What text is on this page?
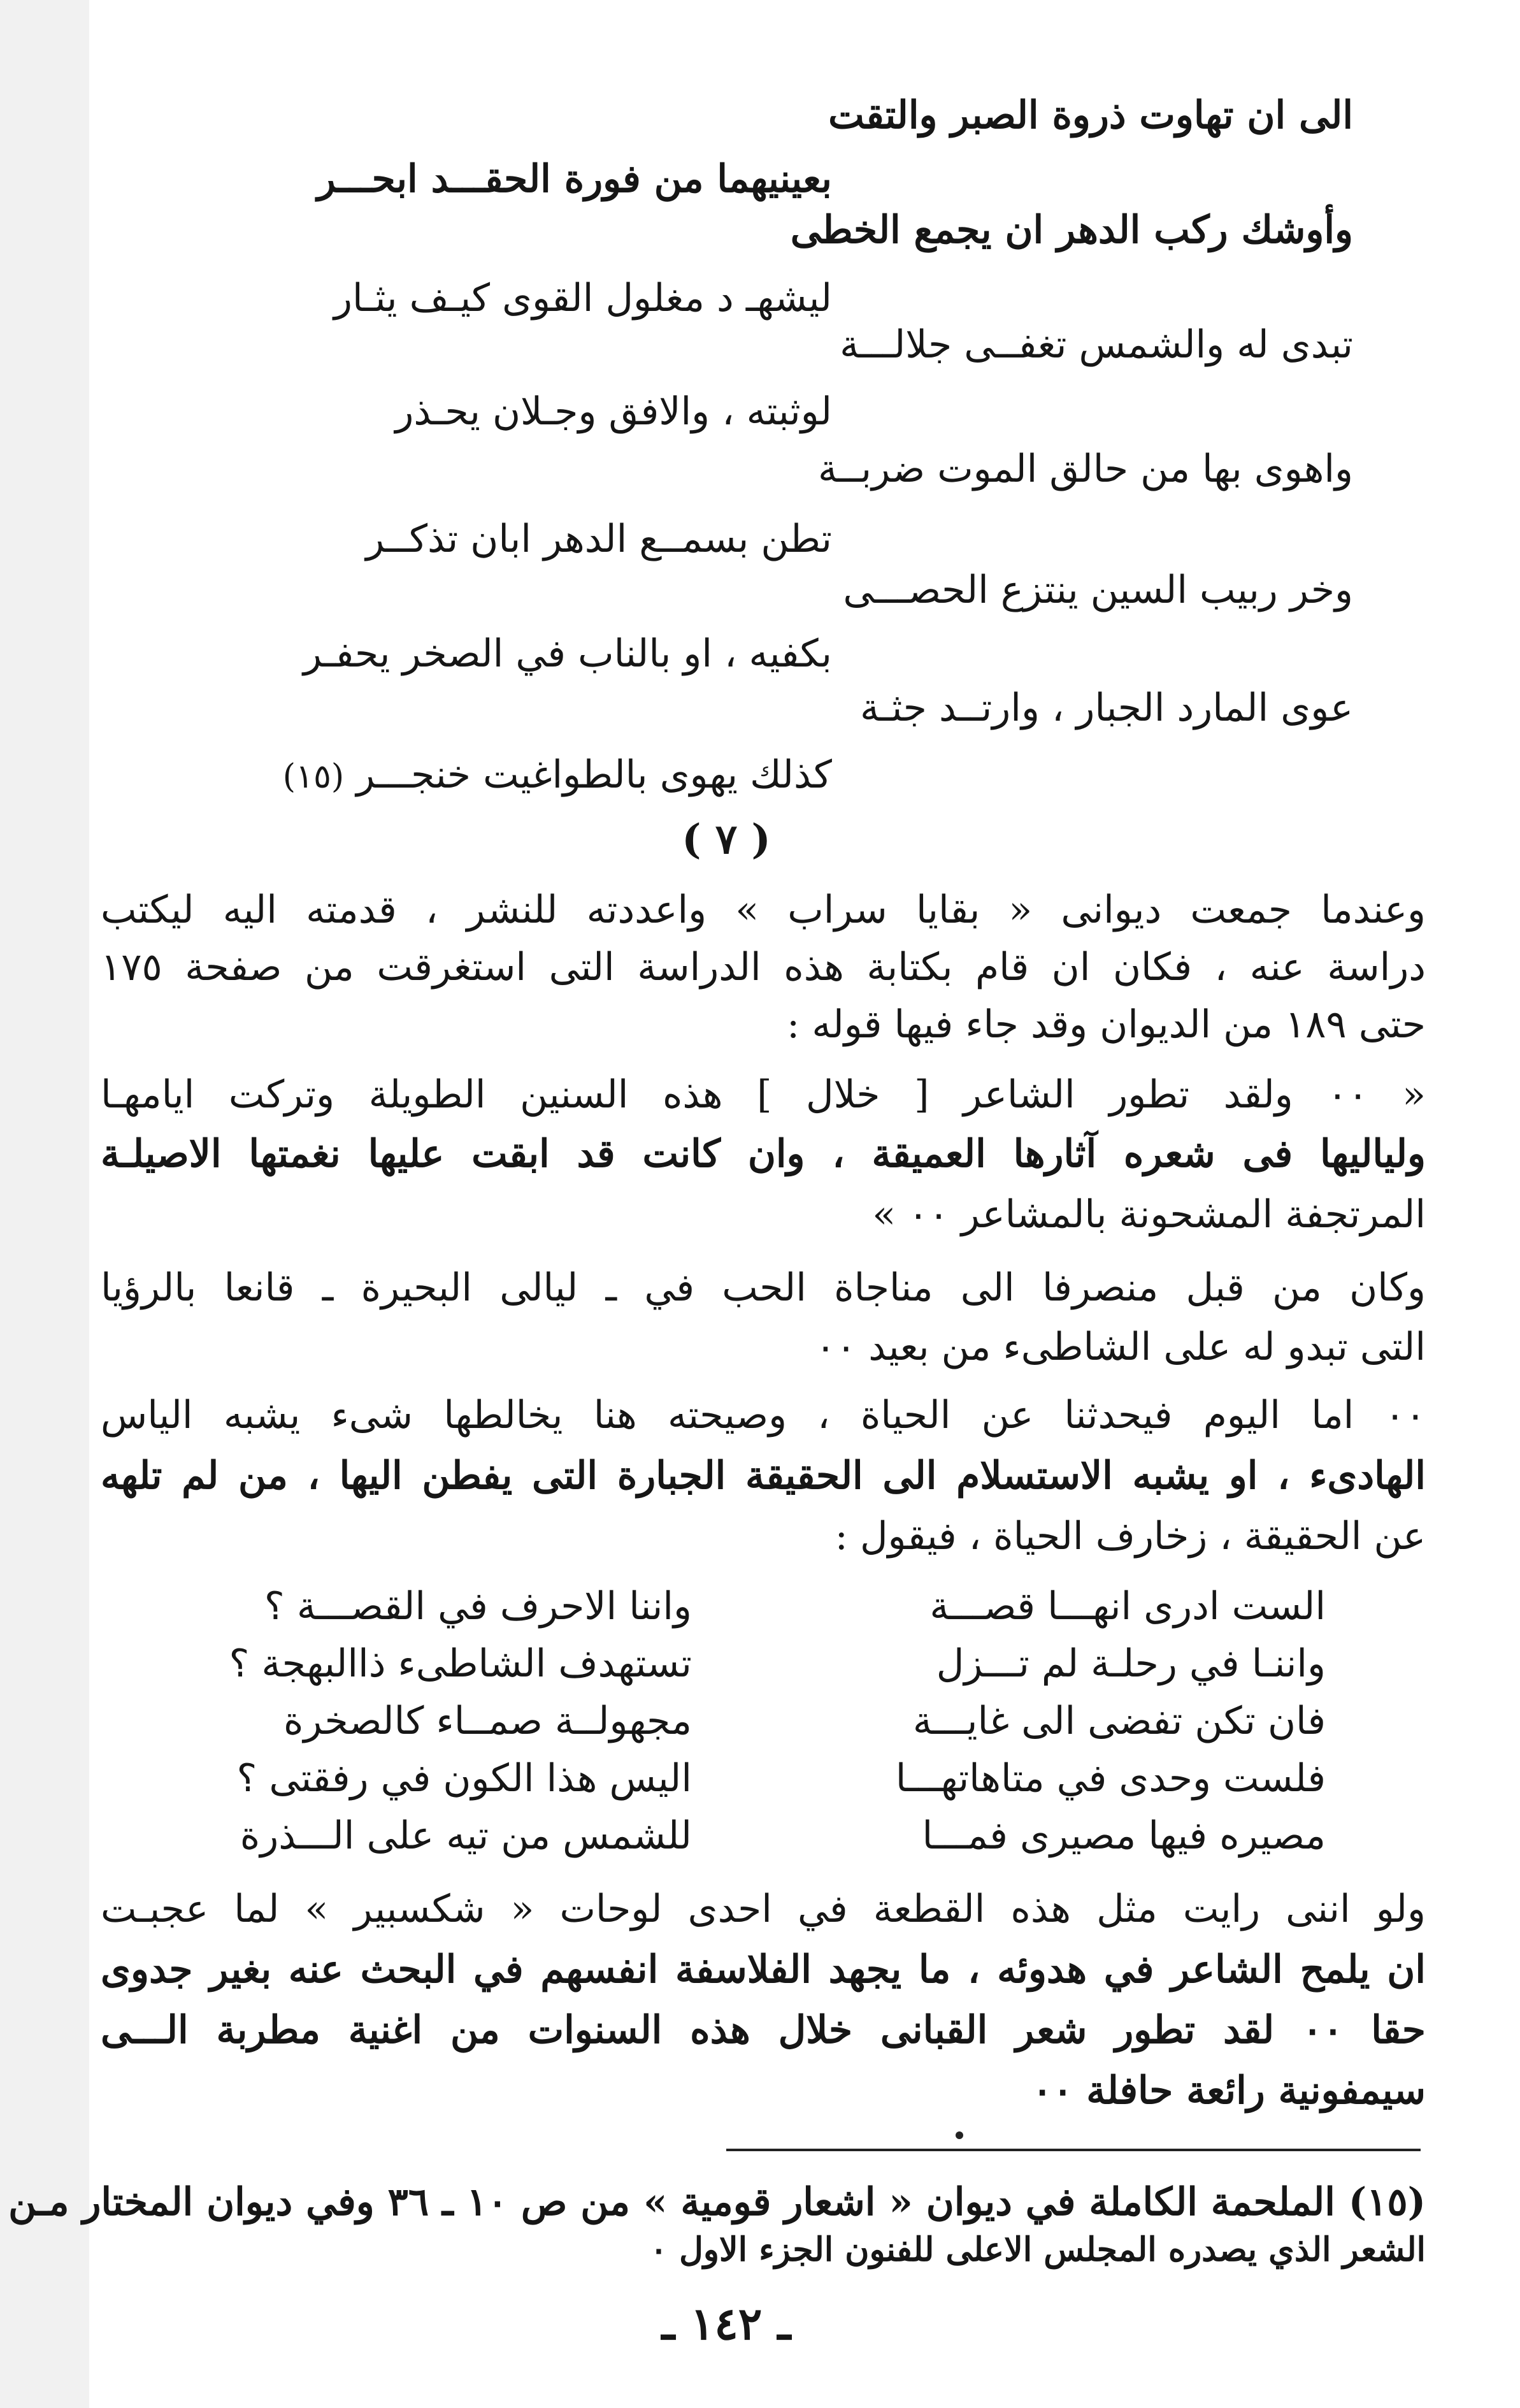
الى ان تهاوت ذروة الصبر والتقت
بعينيهما من فورة الحقـــد ابحـــر
وأوشك ركب الدهر ان يجمع الخطى
ليشهـ د مغلول القوى كيـف يثـار
تبدى له والشمس تغفــى جلالـــة
لوثبته ، والافق وجـلان يحـذر
واهوى بها من حالق الموت ضربــة
تطن بسمــع الدهر ابان تذكــر
وخر ربيب السين ينتزع الحصـــى
بكفيه ، او بالناب في الصخر يحفـر
عوى المارد الجبار ، وارتــد جثـة
كذلك يهوى بالطواغيت خنجـــر (١٥)
( ٧ )
وعندما جمعت ديوانى « بقايا سراب » واعددته للنشر ، قدمته اليه ليكتب
دراسة عنه ، فكان ان قام بكتابة هذه الدراسة التى استغرقت من صفحة ١٧٥
حتى ١٨٩ من الديوان وقد جاء فيها قوله :
« ٠٠ ولقد تطور الشاعر [ خلال ] هذه السنين الطويلة وتركت ايامهـا
ولياليها فى شعره آثارها العميقة ، وان كانت قد ابقت عليها نغمتها الاصيلـة
المرتجفة المشحونة بالمشاعر ٠٠ »
وكان من قبل منصرفا الى مناجاة الحب في ـ ليالى البحيرة ـ قانعا بالرؤيا
التى تبدو له على الشاطىء من بعيد ٠٠
٠٠ اما اليوم فيحدثنا عن الحياة ، وصيحته هنا يخالطها شىء يشبه الياس
الهادىء ، او يشبه الاستسلام الى الحقيقة الجبارة التى يفطن اليها ، من لم تلهه
عن الحقيقة ، زخارف الحياة ، فيقول :
الست ادرى انهـــا قصـــة
واننا الاحرف في القصـــة ؟
واننـا في رحلـة لم تـــزل
تستهدف الشاطىء ذاالبهجة ؟
فان تكن تفضى الى غايـــة
مجهولــة صمــاء كالصخرة
فلست وحدى في متاهاتهـــا
اليس هذا الكون في رفقتى ؟
مصيره فيها مصيرى فمـــا
للشمس من تيه على الـــذرة
ولو اننى رايت مثل هذه القطعة في احدى لوحات « شكسبير » لما عجبـت
ان يلمح الشاعر في هدوئه ، ما يجهد الفلاسفة انفسهم في البحث عنه بغير جدوى
حقا ٠٠ لقد تطور شعر القبانى خلال هذه السنوات من اغنية مطربة الـــى
سيمفونية رائعة حافلة ٠٠
(١٥) الملحمة الكاملة في ديوان « اشعار قومية » من ص ١٠ ـ ٣٦ وفي ديوان المختار مـن
الشعر الذي يصدره المجلس الاعلى للفنون الجزء الاول ٠
ـ ١٤٢ ـ
